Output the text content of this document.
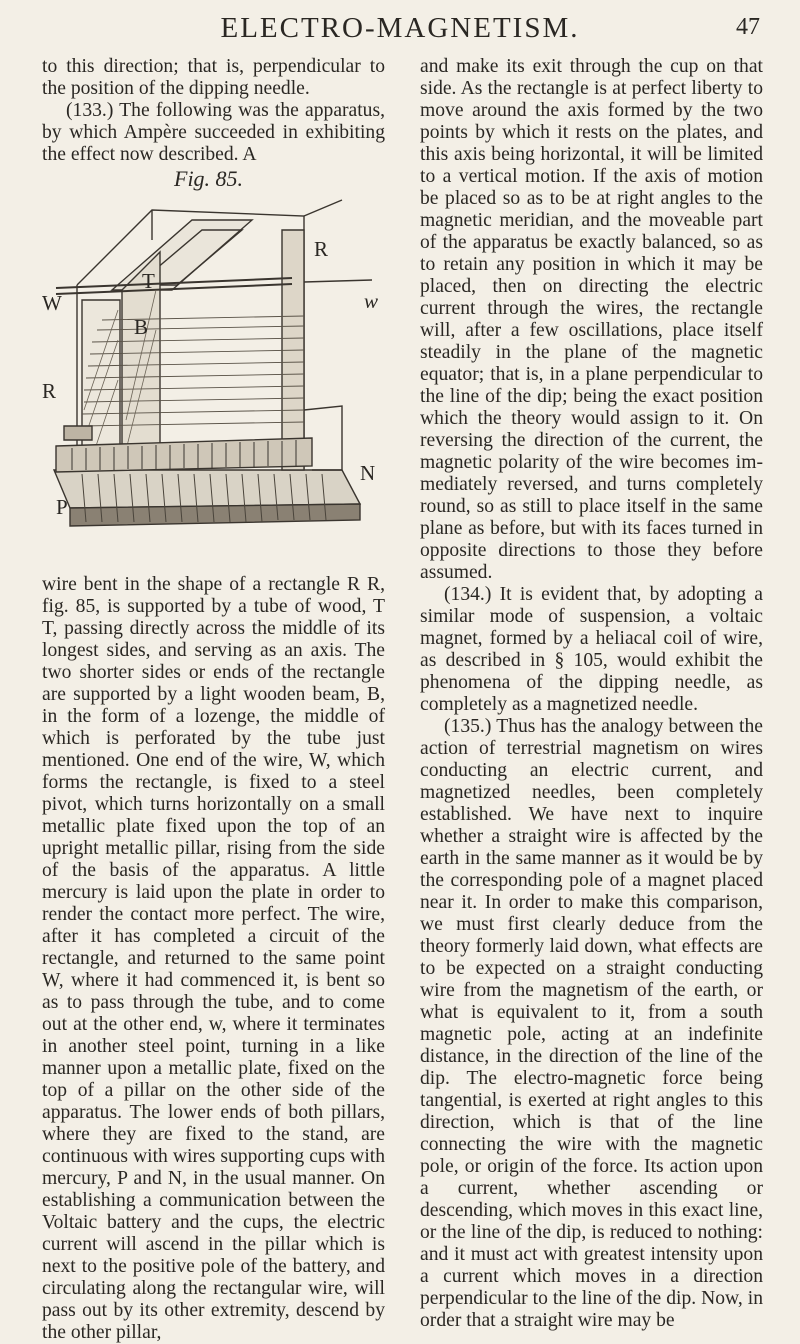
ELECTRO-MAGNETISM.	47

to this direction; that is, perpendicular to the position of the dipping needle.

(133.) The following was the apparatus, by which Ampère succeeded in exhibiting the effect now described. A

Fig. 85.
R
W
T
w
B
R
P
N

wire bent in the shape of a rectangle R R, fig. 85, is supported by a tube of wood, T T, passing directly across the middle of its longest sides, and serving as an axis. The two shorter sides or ends of the rectangle are supported by a light wooden beam, B, in the form of a lozenge, the middle of which is perforated by the tube just mentioned. One end of the wire, W, which forms the rectangle, is fixed to a steel pivot, which turns horizontally on a small metallic plate fixed upon the top of an upright metallic pillar, rising from the side of the basis of the apparatus. A little mercury is laid upon the plate in order to render the contact more perfect. The wire, after it has completed a circuit of the rectangle, and returned to the same point W, where it had commenced it, is bent so as to pass through the tube, and to come out at the other end, w, where it terminates in another steel point, turning in a like manner upon a metallic plate, fixed on the top of a pillar on the other side of the apparatus. The lower ends of both pillars, where they are fixed to the stand, are continuous with wires supporting cups with mercury, P and N, in the usual manner. On establishing a communication between the Voltaic battery and the cups, the electric current will ascend in the pillar which is next to the positive pole of the battery, and circulating along the rectangular wire, will pass out by its other extremity, descend by the other pillar,

and make its exit through the cup on that side. As the rectangle is at perfect liberty to move around the axis formed by the two points by which it rests on the plates, and this axis being horizontal, it will be limited to a vertical motion. If the axis of motion be placed so as to be at right angles to the magnetic meridian, and the moveable part of the apparatus be exactly balanced, so as to retain any position in which it may be placed, then on directing the electric current through the wires, the rectangle will, after a few oscillations, place itself steadily in the plane of the magnetic equator; that is, in a plane perpendicular to the line of the dip; being the exact position which the theory would assign to it. On reversing the direction of the current, the magnetic polarity of the wire becomes immediately reversed, and turns completely round, so as still to place itself in the same plane as before, but with its faces turned in opposite directions to those they before assumed.

(134.) It is evident that, by adopting a similar mode of suspension, a voltaic magnet, formed by a heliacal coil of wire, as described in § 105, would exhibit the phenomena of the dipping needle, as completely as a magnetized needle.

(135.) Thus has the analogy between the action of terrestrial magnetism on wires conducting an electric current, and magnetized needles, been completely established. We have next to inquire whether a straight wire is affected by the earth in the same manner as it would be by the corresponding pole of a magnet placed near it. In order to make this comparison, we must first clearly deduce from the theory formerly laid down, what effects are to be expected on a straight conducting wire from the magnetism of the earth, or what is equivalent to it, from a south magnetic pole, acting at an indefinite distance, in the direction of the line of the dip. The electro-magnetic force being tangential, is exerted at right angles to this direction, which is that of the line connecting the wire with the magnetic pole, or origin of the force. Its action upon a current, whether ascending or descending, which moves in this exact line, or the line of the dip, is reduced to nothing: and it must act with greatest intensity upon a current which moves in a direction perpendicular to the line of the dip. Now, in order that a straight wire may be
